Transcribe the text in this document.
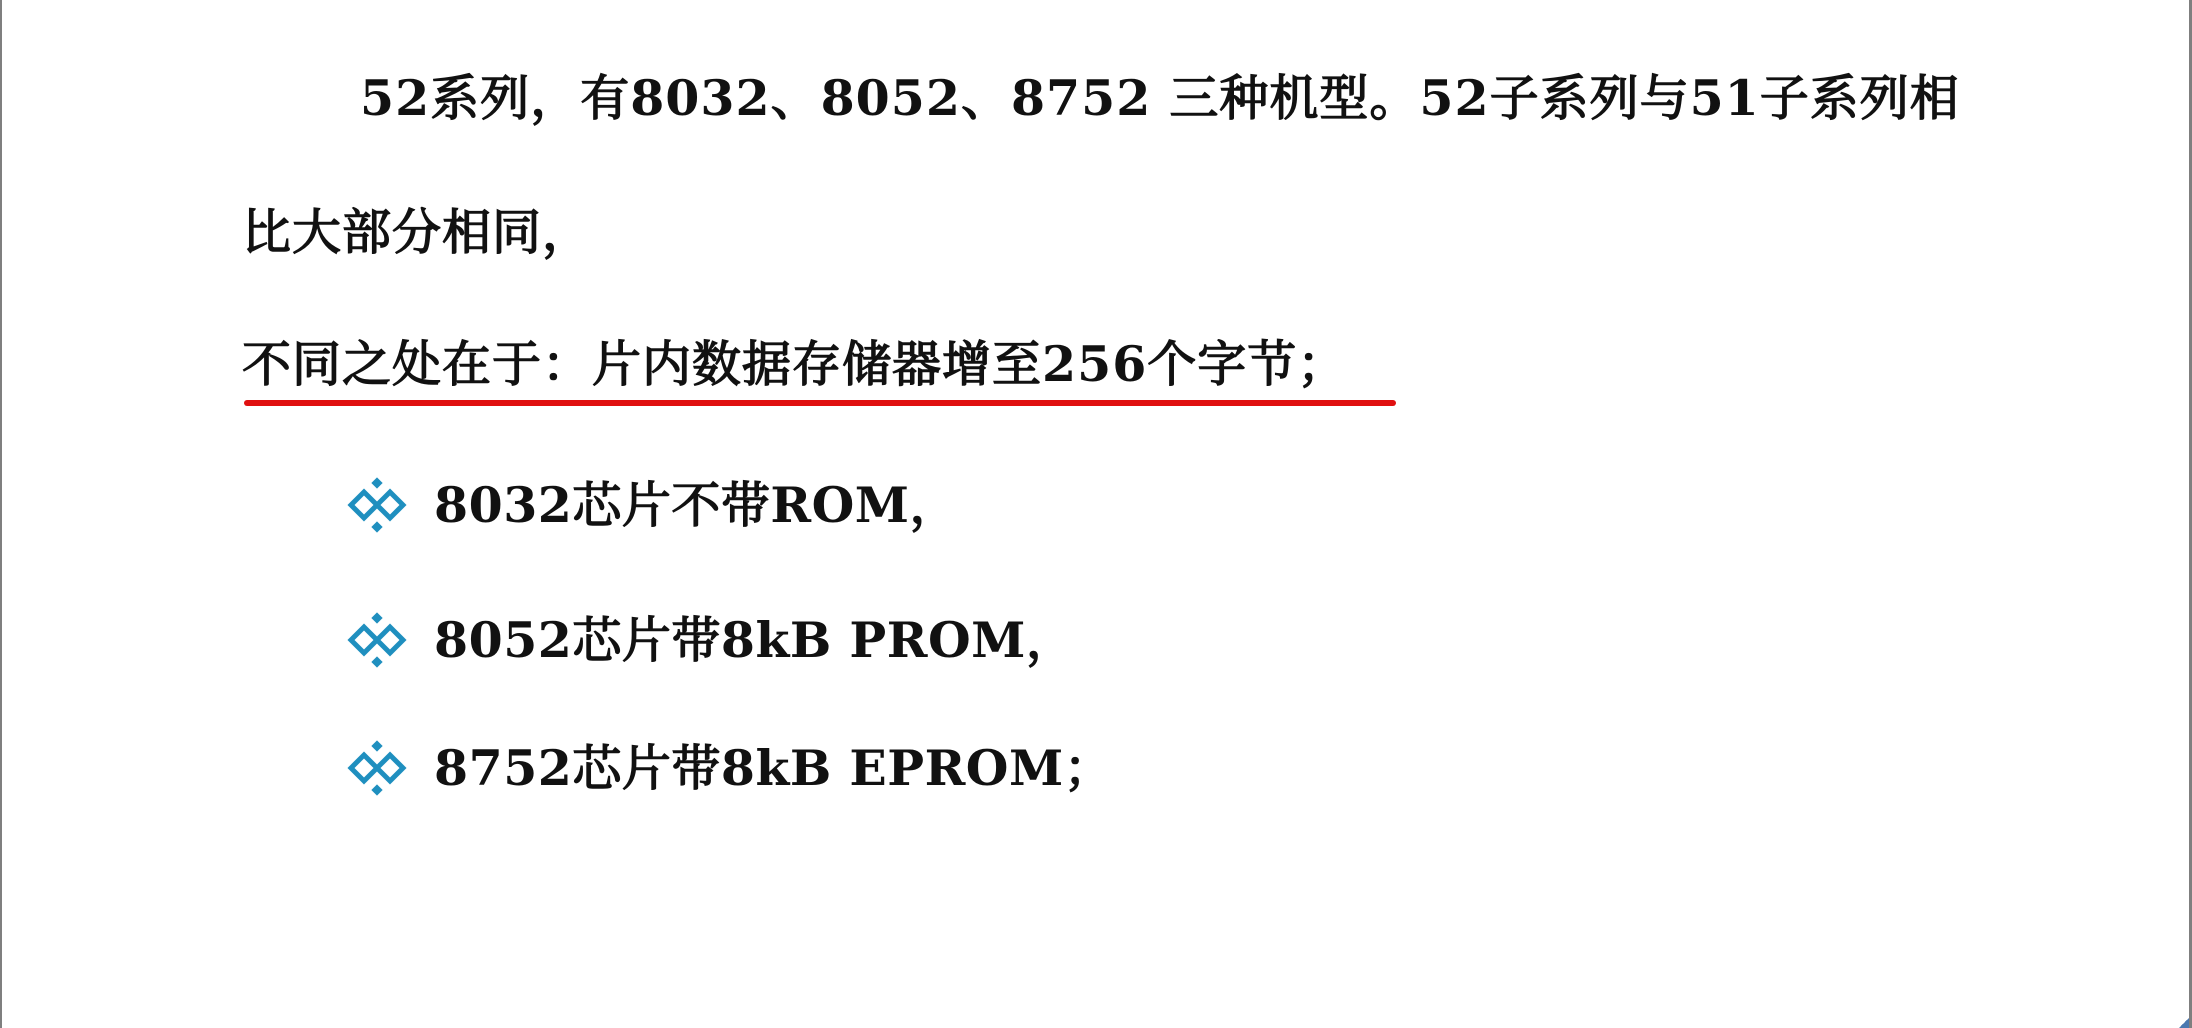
52系列，有8032、8052、8752 三种机型。52子系列与51子系列相
比大部分相同，
不同之处在于：片内数据存储器增至256个字节；
8032芯片不带ROM，
8052芯片带8kB PROM，
8752芯片带8kB EPROM；
